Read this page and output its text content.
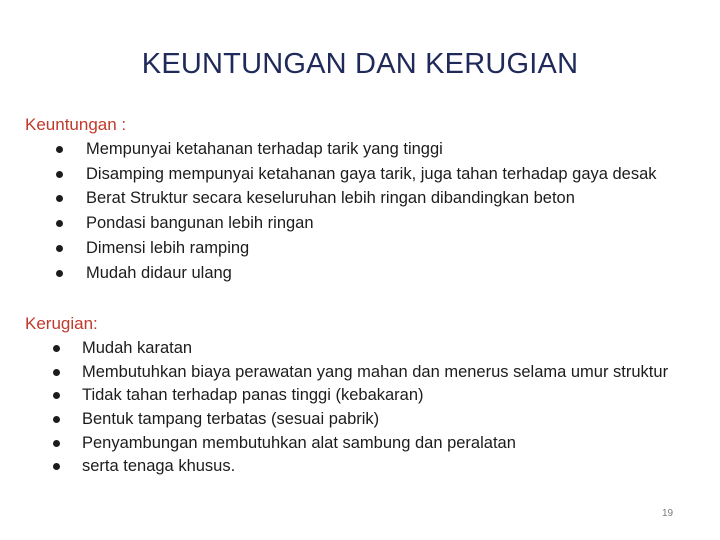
KEUNTUNGAN DAN KERUGIAN
Keuntungan :
Mempunyai ketahanan terhadap tarik yang tinggi
Disamping mempunyai ketahanan gaya tarik, juga tahan terhadap gaya desak
Berat Struktur secara keseluruhan lebih ringan dibandingkan beton
Pondasi bangunan lebih ringan
Dimensi lebih ramping
Mudah didaur ulang
Kerugian:
Mudah karatan
Membutuhkan biaya perawatan yang mahan dan menerus selama umur struktur
Tidak tahan terhadap panas tinggi (kebakaran)
Bentuk tampang terbatas (sesuai pabrik)
Penyambungan membutuhkan alat sambung dan peralatan
serta tenaga khusus.
19
